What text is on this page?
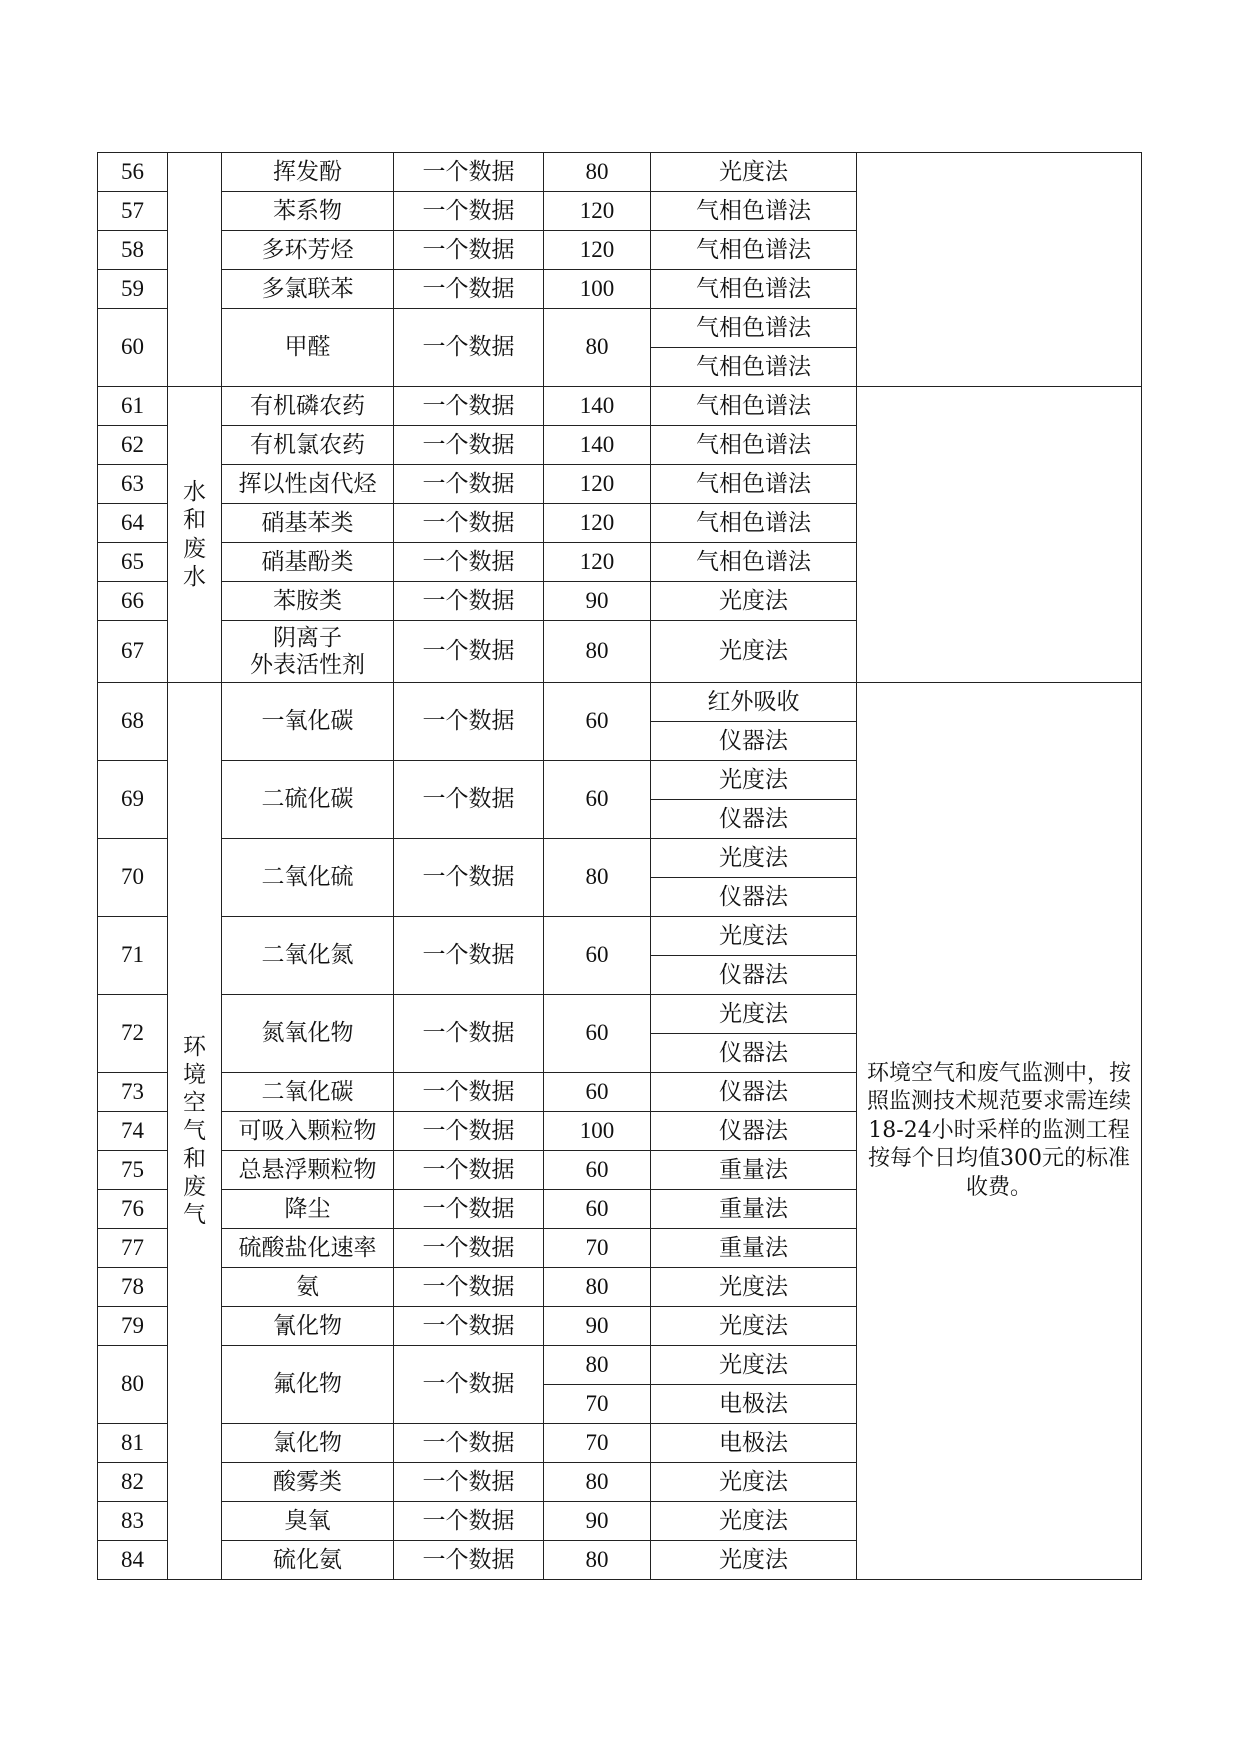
56		挥发酚	一个数据	80	光度法	
57		苯系物	一个数据	120	气相色谱法	
58		多环芳烃	一个数据	120	气相色谱法	
59		多氯联苯	一个数据	100	气相色谱法	
60		甲醛	一个数据	80	气相色谱法	
					气相色谱法	
61	水和废水	有机磷农药	一个数据	140	气相色谱法	
62		有机氯农药	一个数据	140	气相色谱法	
63		挥以性卤代烃	一个数据	120	气相色谱法	
64		硝基苯类	一个数据	120	气相色谱法	
65		硝基酚类	一个数据	120	气相色谱法	
66		苯胺类	一个数据	90	光度法	
67		阴离子
外表活性剂	一个数据	80	光度法	
68	环境空气和废气	一氧化碳	一个数据	60	红外吸收	环境空气和废气监测中，按照监测技术规范要求需连续18-24小时采样的监测工程按每个日均值300元的标准收费。
					仪器法	
69		二硫化碳	一个数据	60	光度法	
					仪器法	
70		二氧化硫	一个数据	80	光度法	
					仪器法	
71		二氧化氮	一个数据	60	光度法	
					仪器法	
72		氮氧化物	一个数据	60	光度法	
					仪器法	
73		二氧化碳	一个数据	60	仪器法	
74		可吸入颗粒物	一个数据	100	仪器法	
75		总悬浮颗粒物	一个数据	60	重量法	
76		降尘	一个数据	60	重量法	
77		硫酸盐化速率	一个数据	70	重量法	
78		氨	一个数据	80	光度法	
79		氰化物	一个数据	90	光度法	
80		氟化物	一个数据	80	光度法	
				70	电极法	
81		氯化物	一个数据	70	电极法	
82		酸雾类	一个数据	80	光度法	
83		臭氧	一个数据	90	光度法	
84		硫化氨	一个数据	80	光度法	
